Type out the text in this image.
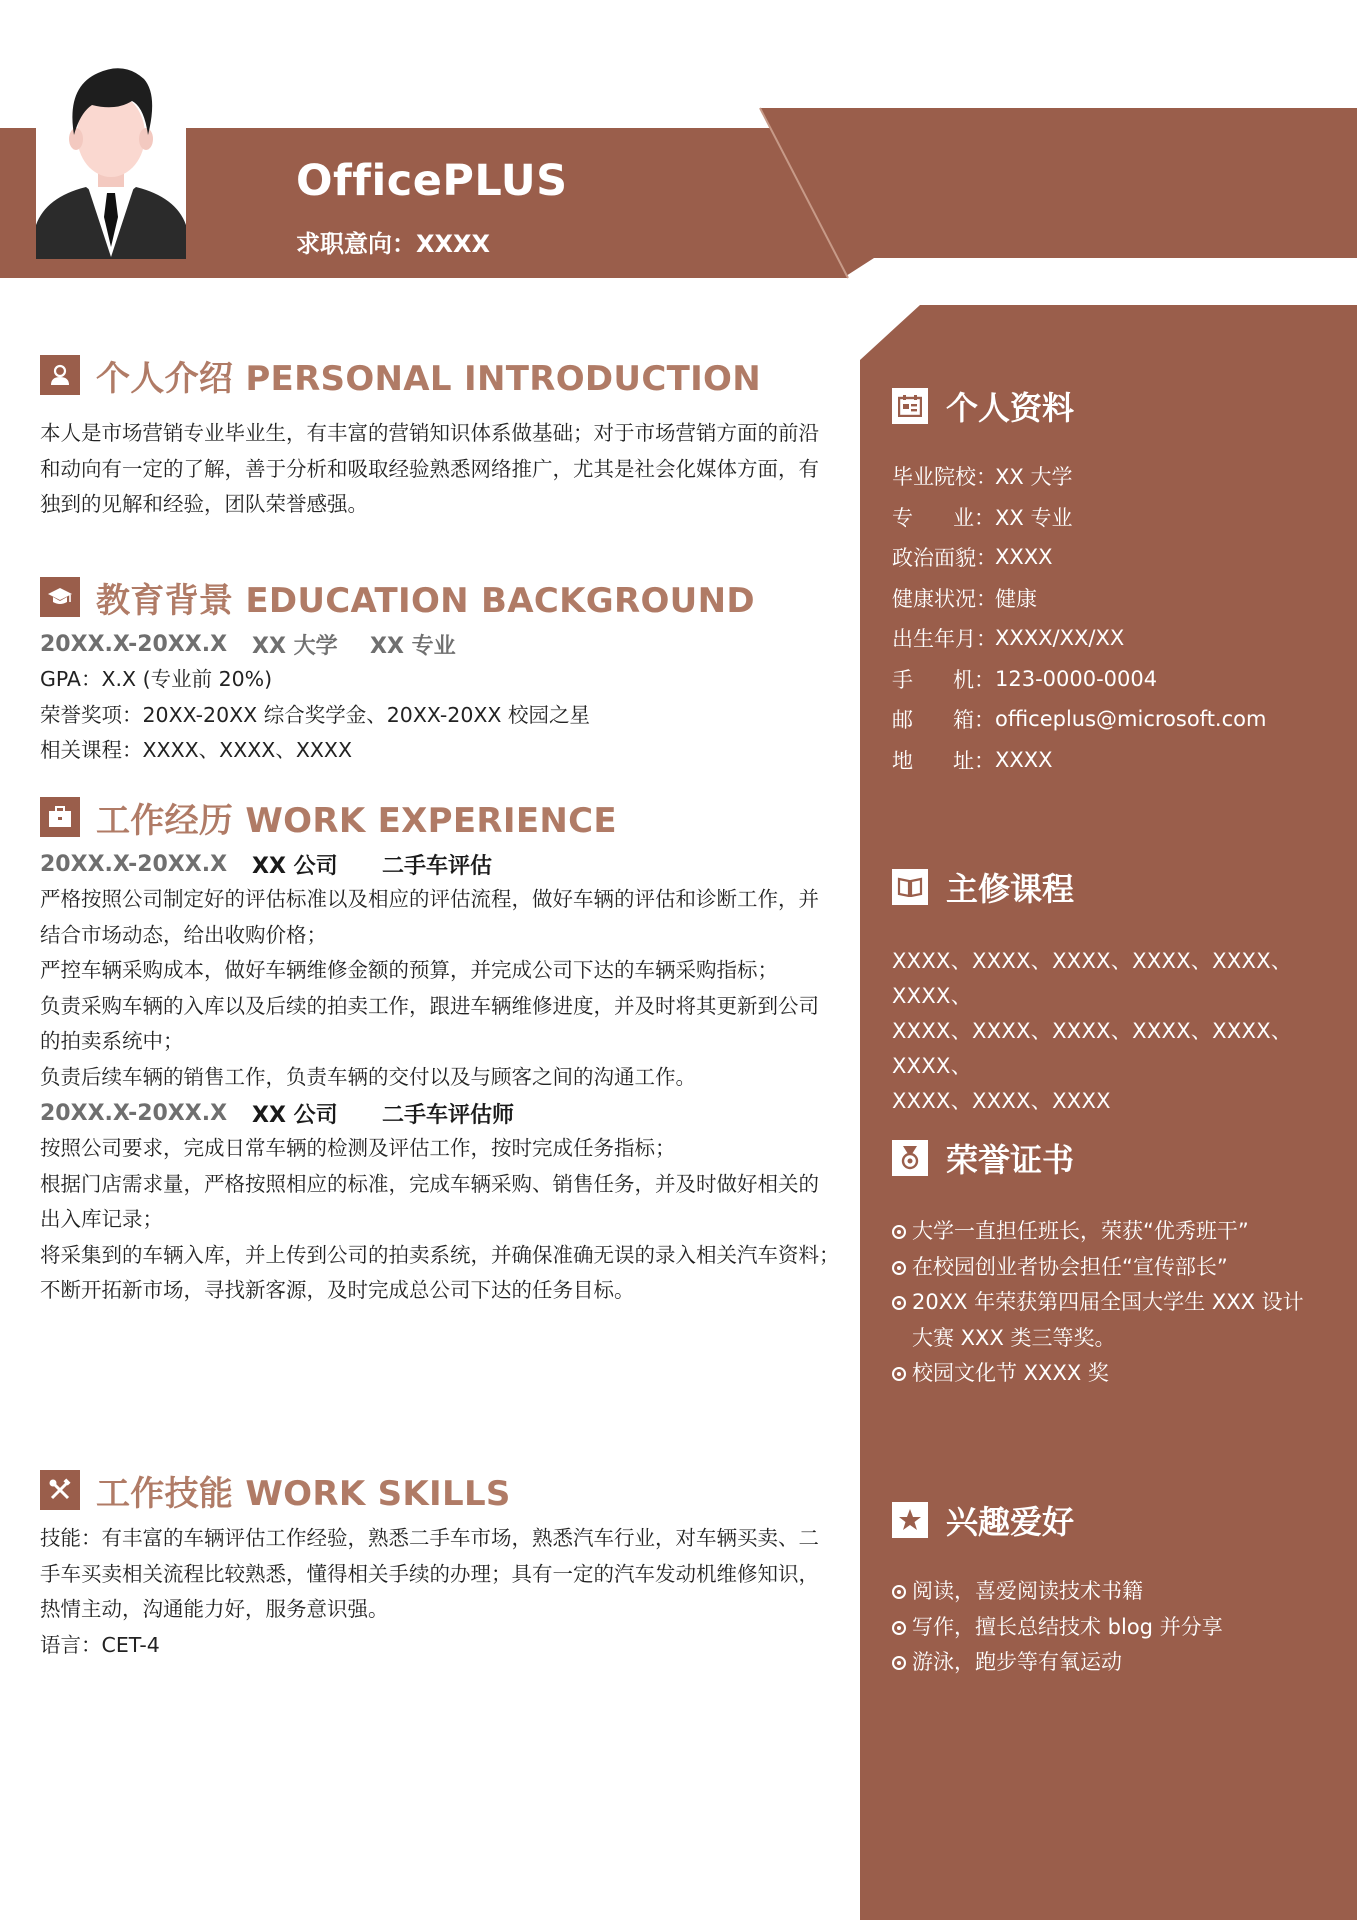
OfficePLUS
求职意向：XXXX
个人资料
毕业院校：
XX 大学
专 业： XX 专业
政治面貌：
XXXX
健康状况：
健康
出生年月：
XXXX/XX/XX
手 机： 123-0000-0004
邮 箱： officeplus@microsoft.com
地 址： XXXX
主修课程
XXXX、XXXX、XXXX、XXXX、XXXX、XXXX、
XXXX、XXXX、XXXX、XXXX、XXXX、XXXX、
XXXX、XXXX、XXXX
荣誉证书
大学一直担任班长，荣获“优秀班干”
在校园创业者协会担任“宣传部长”
20XX 年荣获第四届全国大学生 XXX 设计大赛 XXX 类三等奖。
校园文化节 XXXX 奖
兴趣爱好
阅读，喜爱阅读技术书籍
写作，擅长总结技术 blog 并分享
游泳，跑步等有氧运动
个人介绍 PERSONAL INTRODUCTION
本人是市场营销专业毕业生，有丰富的营销知识体系做基础；对于市场营销方面的前沿
和动向有一定的了解，善于分析和吸取经验熟悉网络推广，尤其是社会化媒体方面，有
独到的见解和经验，团队荣誉感强。
教育背景 EDUCATION BACKGROUND
20XX.X-20XX.X	XX 大学	XX 专业
GPA：X.X (专业前 20%)
荣誉奖项：20XX-20XX 综合奖学金、20XX-20XX 校园之星
相关课程：XXXX、XXXX、XXXX
工作经历 WORK EXPERIENCE
20XX.X-20XX.X	XX 公司	二手车评估
严格按照公司制定好的评估标准以及相应的评估流程，做好车辆的评估和诊断工作，并
结合市场动态，给出收购价格；
严控车辆采购成本，做好车辆维修金额的预算，并完成公司下达的车辆采购指标；
负责采购车辆的入库以及后续的拍卖工作，跟进车辆维修进度，并及时将其更新到公司
的拍卖系统中；
负责后续车辆的销售工作，负责车辆的交付以及与顾客之间的沟通工作。
20XX.X-20XX.X	XX 公司	二手车评估师
按照公司要求，完成日常车辆的检测及评估工作，按时完成任务指标；
根据门店需求量，严格按照相应的标准，完成车辆采购、销售任务，并及时做好相关的
出入库记录；
将采集到的车辆入库，并上传到公司的拍卖系统，并确保准确无误的录入相关汽车资料；
不断开拓新市场，寻找新客源，及时完成总公司下达的任务目标。
工作技能 WORK SKILLS
技能：有丰富的车辆评估工作经验，熟悉二手车市场，熟悉汽车行业，对车辆买卖、二
手车买卖相关流程比较熟悉，懂得相关手续的办理；具有一定的汽车发动机维修知识，
热情主动，沟通能力好，服务意识强。
语言：CET-4
